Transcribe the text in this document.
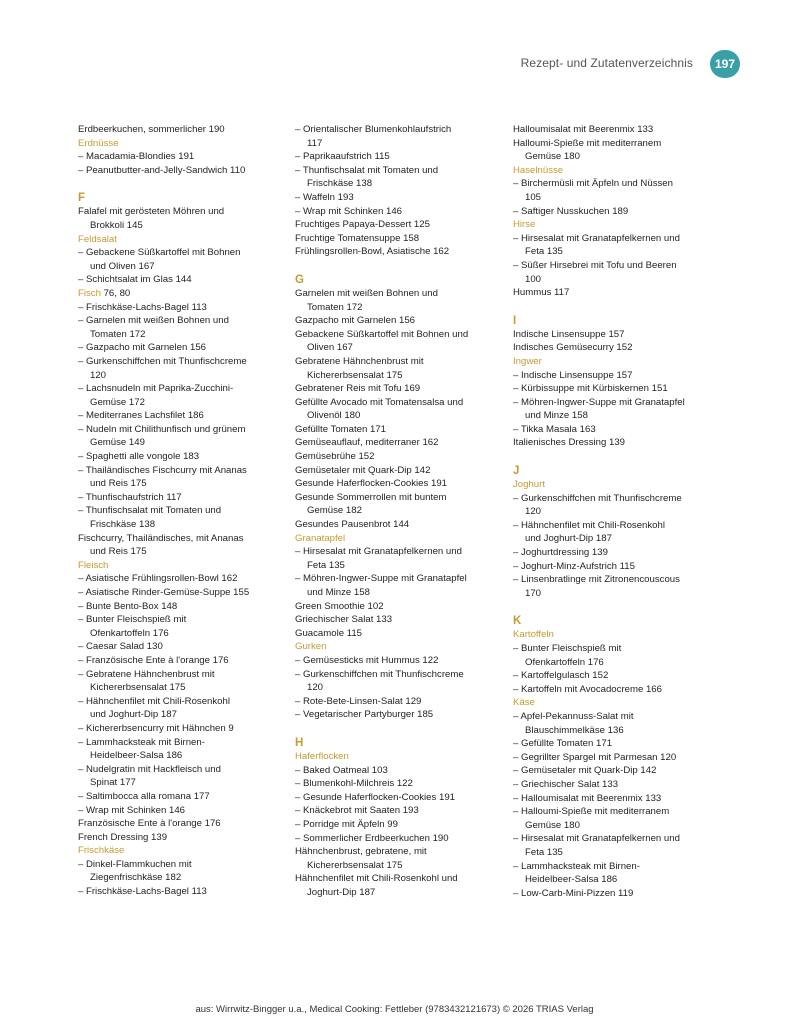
Rezept- und Zutatenverzeichnis	197
Erdbeerkuchen, sommerlicher 190
Erdnüsse
– Macadamia-Blondies 191
– Peanutbutter-and-Jelly-Sandwich 110
F
Falafel mit gerösteten Möhren und
Brokkoli 145
Feldsalat
– Gebackene Süßkartoffel mit Bohnen
und Oliven 167
– Schichtsalat im Glas 144
Fisch 76, 80
– Frischkäse-Lachs-Bagel 113
– Garnelen mit weißen Bohnen und
Tomaten 172
– Gazpacho mit Garnelen 156
– Gurkenschiffchen mit Thunfischcreme
120
– Lachsnudeln mit Paprika-Zucchini-
Gemüse 172
– Mediterranes Lachsfilet 186
– Nudeln mit Chilithunfisch und grünem
Gemüse 149
– Spaghetti alle vongole 183
– Thailändisches Fischcurry mit Ananas
und Reis 175
– Thunfischaufstrich 117
– Thunfischsalat mit Tomaten und
Frischkäse 138
Fischcurry, Thailändisches, mit Ananas
und Reis 175
Fleisch
– Asiatische Frühlingsrollen-Bowl 162
– Asiatische Rinder-Gemüse-Suppe 155
– Bunte Bento-Box 148
– Bunter Fleischspieß mit
Ofenkartoffeln 176
– Caesar Salad 130
– Französische Ente à l'orange 176
– Gebratene Hähnchenbrust mit
Kichererbsensalat 175
– Hähnchenfilet mit Chili-Rosenkohl
und Joghurt-Dip 187
– Kichererbsencurry mit Hähnchen 9
– Lammhacksteak mit Birnen-
Heidelbeer-Salsa 186
– Nudelgratin mit Hackfleisch und
Spinat 177
– Saltimbocca alla romana 177
– Wrap mit Schinken 146
Französische Ente à l'orange 176
French Dressing 139
Frischkäse
– Dinkel-Flammkuchen mit
Ziegenfrischkäse 182
– Frischkäse-Lachs-Bagel 113
– Orientalischer Blumenkohlaufstrich
117
– Paprikaaufstrich 115
– Thunfischsalat mit Tomaten und
Frischkäse 138
– Waffeln 193
– Wrap mit Schinken 146
Fruchtiges Papaya-Dessert 125
Fruchtige Tomatensuppe 158
Frühlingsrollen-Bowl, Asiatische 162
G
Garnelen mit weißen Bohnen und
Tomaten 172
Gazpacho mit Garnelen 156
Gebackene Süßkartoffel mit Bohnen und
Oliven 167
Gebratene Hähnchenbrust mit
Kichererbsensalat 175
Gebratener Reis mit Tofu 169
Gefüllte Avocado mit Tomatensalsa und
Olivenöl 180
Gefüllte Tomaten 171
Gemüseauflauf, mediterraner 162
Gemüsebrühe 152
Gemüsetaler mit Quark-Dip 142
Gesunde Haferflocken-Cookies 191
Gesunde Sommerrollen mit buntem
Gemüse 182
Gesundes Pausenbrot 144
Granatapfel
– Hirsesalat mit Granatapfelkernen und
Feta 135
– Möhren-Ingwer-Suppe mit Granatapfel
und Minze 158
Green Smoothie 102
Griechischer Salat 133
Guacamole 115
Gurken
– Gemüsesticks mit Hummus 122
– Gurkenschiffchen mit Thunfischcreme
120
– Rote-Bete-Linsen-Salat 129
– Vegetarischer Partyburger 185
H
Haferflocken
– Baked Oatmeal 103
– Blumenkohl-Milchreis 122
– Gesunde Haferflocken-Cookies 191
– Knäckebrot mit Saaten 193
– Porridge mit Äpfeln 99
– Sommerlicher Erdbeerkuchen 190
Hähnchenbrust, gebratene, mit
Kichererbsensalat 175
Hähnchenfilet mit Chili-Rosenkohl und
Joghurt-Dip 187
Halloumisalat mit Beerenmix 133
Halloumi-Spieße mit mediterranem
Gemüse 180
Haselnüsse
– Birchermüsli mit Äpfeln und Nüssen
105
– Saftiger Nusskuchen 189
Hirse
– Hirsesalat mit Granatapfelkernen und
Feta 135
– Süßer Hirsebrei mit Tofu und Beeren
100
Hummus 117
I
Indische Linsensuppe 157
Indisches Gemüsecurry 152
Ingwer
– Indische Linsensuppe 157
– Kürbissuppe mit Kürbiskernen 151
– Möhren-Ingwer-Suppe mit Granatapfel
und Minze 158
– Tikka Masala 163
Italienisches Dressing 139
J
Joghurt
– Gurkenschiffchen mit Thunfischcreme
120
– Hähnchenfilet mit Chili-Rosenkohl
und Joghurt-Dip 187
– Joghurtdressing 139
– Joghurt-Minz-Aufstrich 115
– Linsenbratlinge mit Zitronencouscous
170
K
Kartoffeln
– Bunter Fleischspieß mit
Ofenkartoffeln 176
– Kartoffelgulasch 152
– Kartoffeln mit Avocadocreme 166
Käse
– Apfel-Pekannuss-Salat mit
Blauschimmelkäse 136
– Gefüllte Tomaten 171
– Gegrillter Spargel mit Parmesan 120
– Gemüsetaler mit Quark-Dip 142
– Griechischer Salat 133
– Halloumisalat mit Beerenmix 133
– Halloumi-Spieße mit mediterranem
Gemüse 180
– Hirsesalat mit Granatapfelkernen und
Feta 135
– Lammhacksteak mit Birnen-
Heidelbeer-Salsa 186
– Low-Carb-Mini-Pizzen 119
aus: Wirrwitz-Bingger u.a., Medical Cooking: Fettleber (9783432121673) © 2026 TRIAS Verlag
